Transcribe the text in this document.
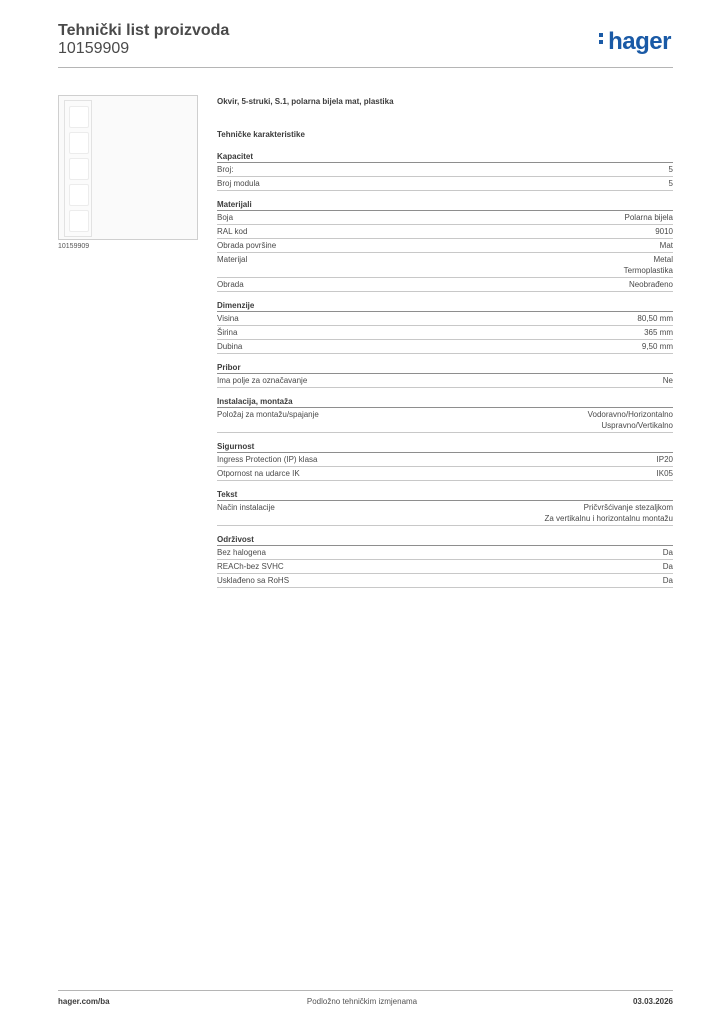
Tehnički list proizvoda
10159909	hager
10159909
Okvir, 5-struki, S.1, polarna bijela mat, plastika
Tehničke karakteristike
Kapacitet
Broj:	5
Broj modula	5
Materijali
Boja	Polarna bijela
RAL kod	9010
Obrada površine	Mat
Materijal	Metal
Termoplastika
Obrada	Neobrađeno
Dimenzije
Visina	80,50 mm
Širina	365 mm
Dubina	9,50 mm
Pribor
Ima polje za označavanje	Ne
Instalacija, montaža
Položaj za montažu/spajanje	Vodoravno/Horizontalno
Uspravno/Vertikalno
Sigurnost
Ingress Protection (IP) klasa	IP20
Otpornost na udarce IK	IK05
Tekst
Način instalacije	Pričvršćivanje stezaljkom
Za vertikalnu i horizontalnu montažu
Održivost
Bez halogena	Da
REACh-bez SVHC	Da
Usklađeno sa RoHS	Da
hager.com/ba	Podložno tehničkim izmjenama	03.03.2026
